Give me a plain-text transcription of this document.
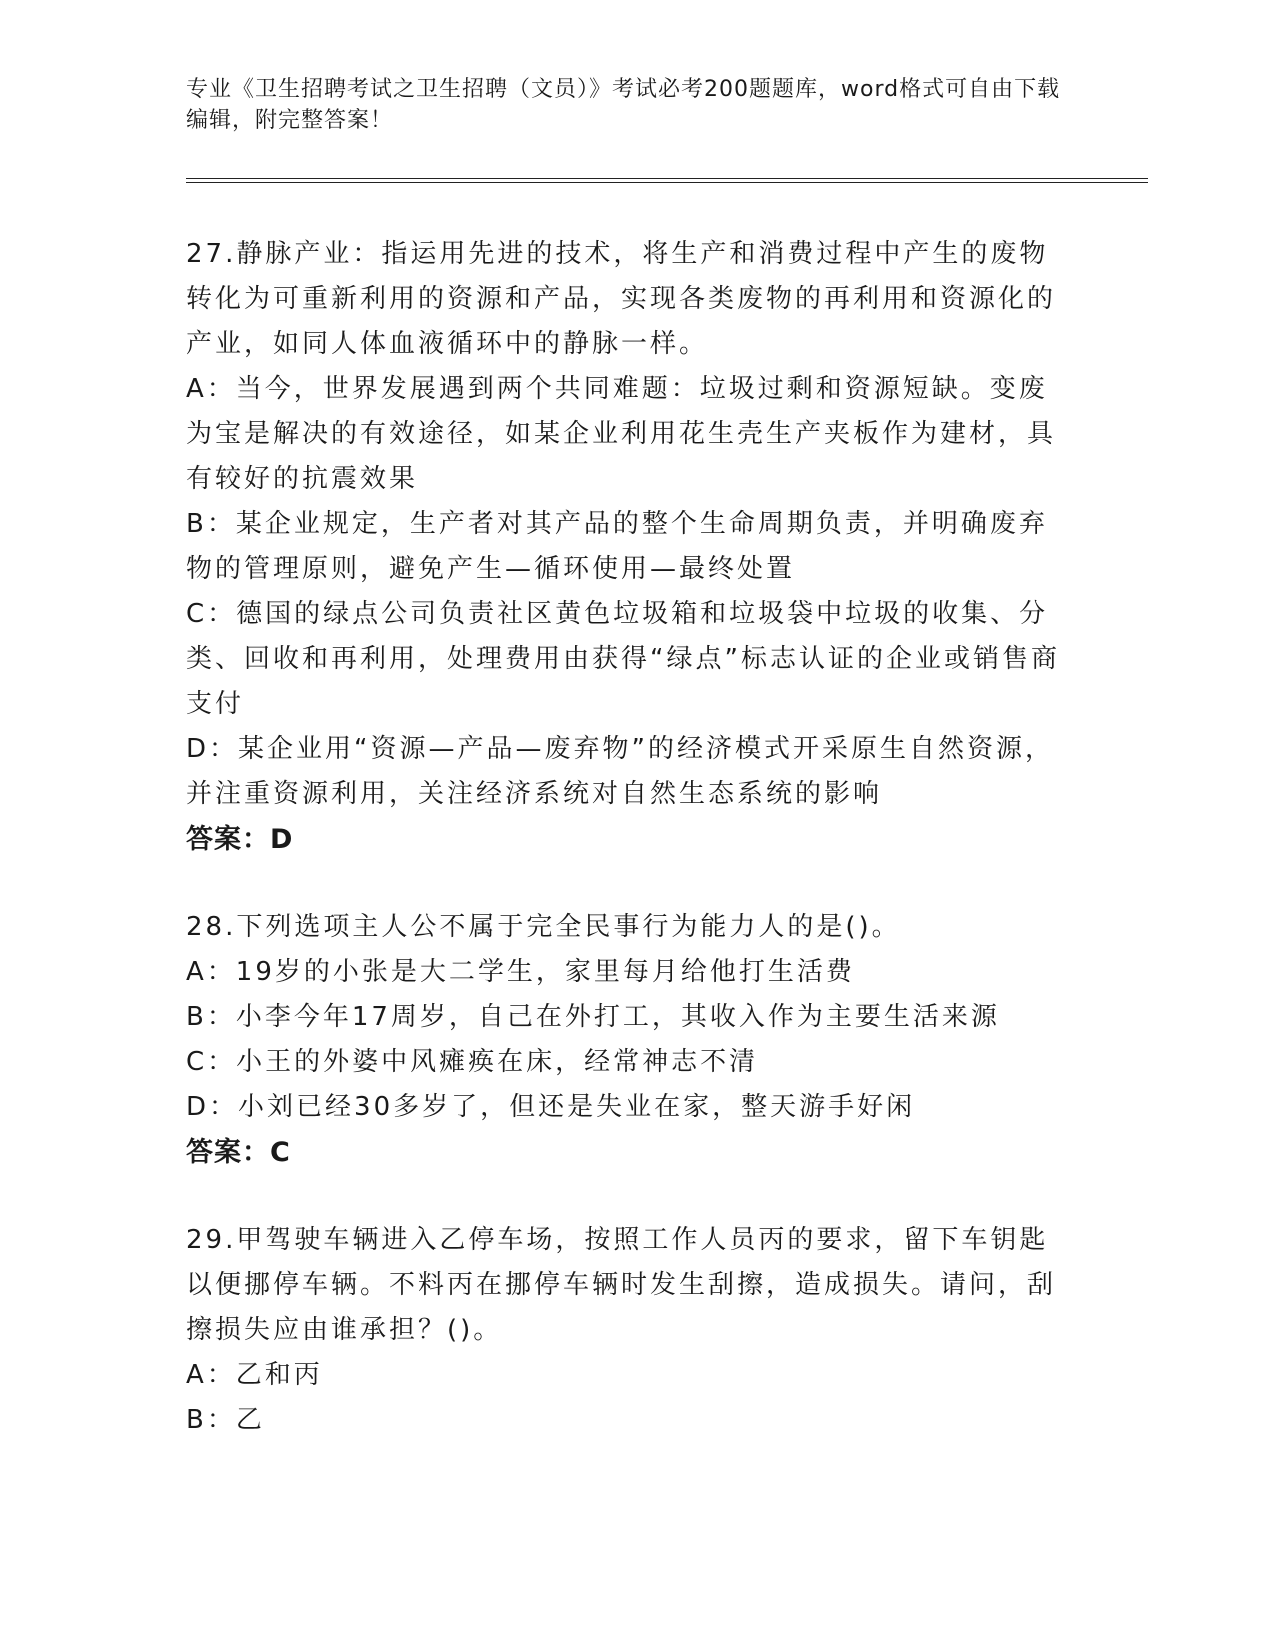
专业《卫生招聘考试之卫生招聘（文员）》考试必考200题题库，word格式可自由下载编辑，附完整答案！

27.静脉产业：指运用先进的技术，将生产和消费过程中产生的废物转化为可重新利用的资源和产品，实现各类废物的再利用和资源化的产业，如同人体血液循环中的静脉一样。

A：当今，世界发展遇到两个共同难题：垃圾过剩和资源短缺。变废为宝是解决的有效途径，如某企业利用花生壳生产夹板作为建材，具有较好的抗震效果

B：某企业规定，生产者对其产品的整个生命周期负责，并明确废弃物的管理原则，避免产生—循环使用—最终处置

C：德国的绿点公司负责社区黄色垃圾箱和垃圾袋中垃圾的收集、分类、回收和再利用，处理费用由获得“绿点”标志认证的企业或销售商支付

D：某企业用“资源—产品—废弃物”的经济模式开采原生自然资源，并注重资源利用，关注经济系统对自然生态系统的影响

答案：D

28.下列选项主人公不属于完全民事行为能力人的是()。

A：19岁的小张是大二学生，家里每月给他打生活费

B：小李今年17周岁，自己在外打工，其收入作为主要生活来源

C：小王的外婆中风瘫痪在床，经常神志不清

D：小刘已经30多岁了，但还是失业在家，整天游手好闲

答案：C

29.甲驾驶车辆进入乙停车场，按照工作人员丙的要求，留下车钥匙以便挪停车辆。不料丙在挪停车辆时发生刮擦，造成损失。请问，刮擦损失应由谁承担？()。

A：乙和丙

B：乙
